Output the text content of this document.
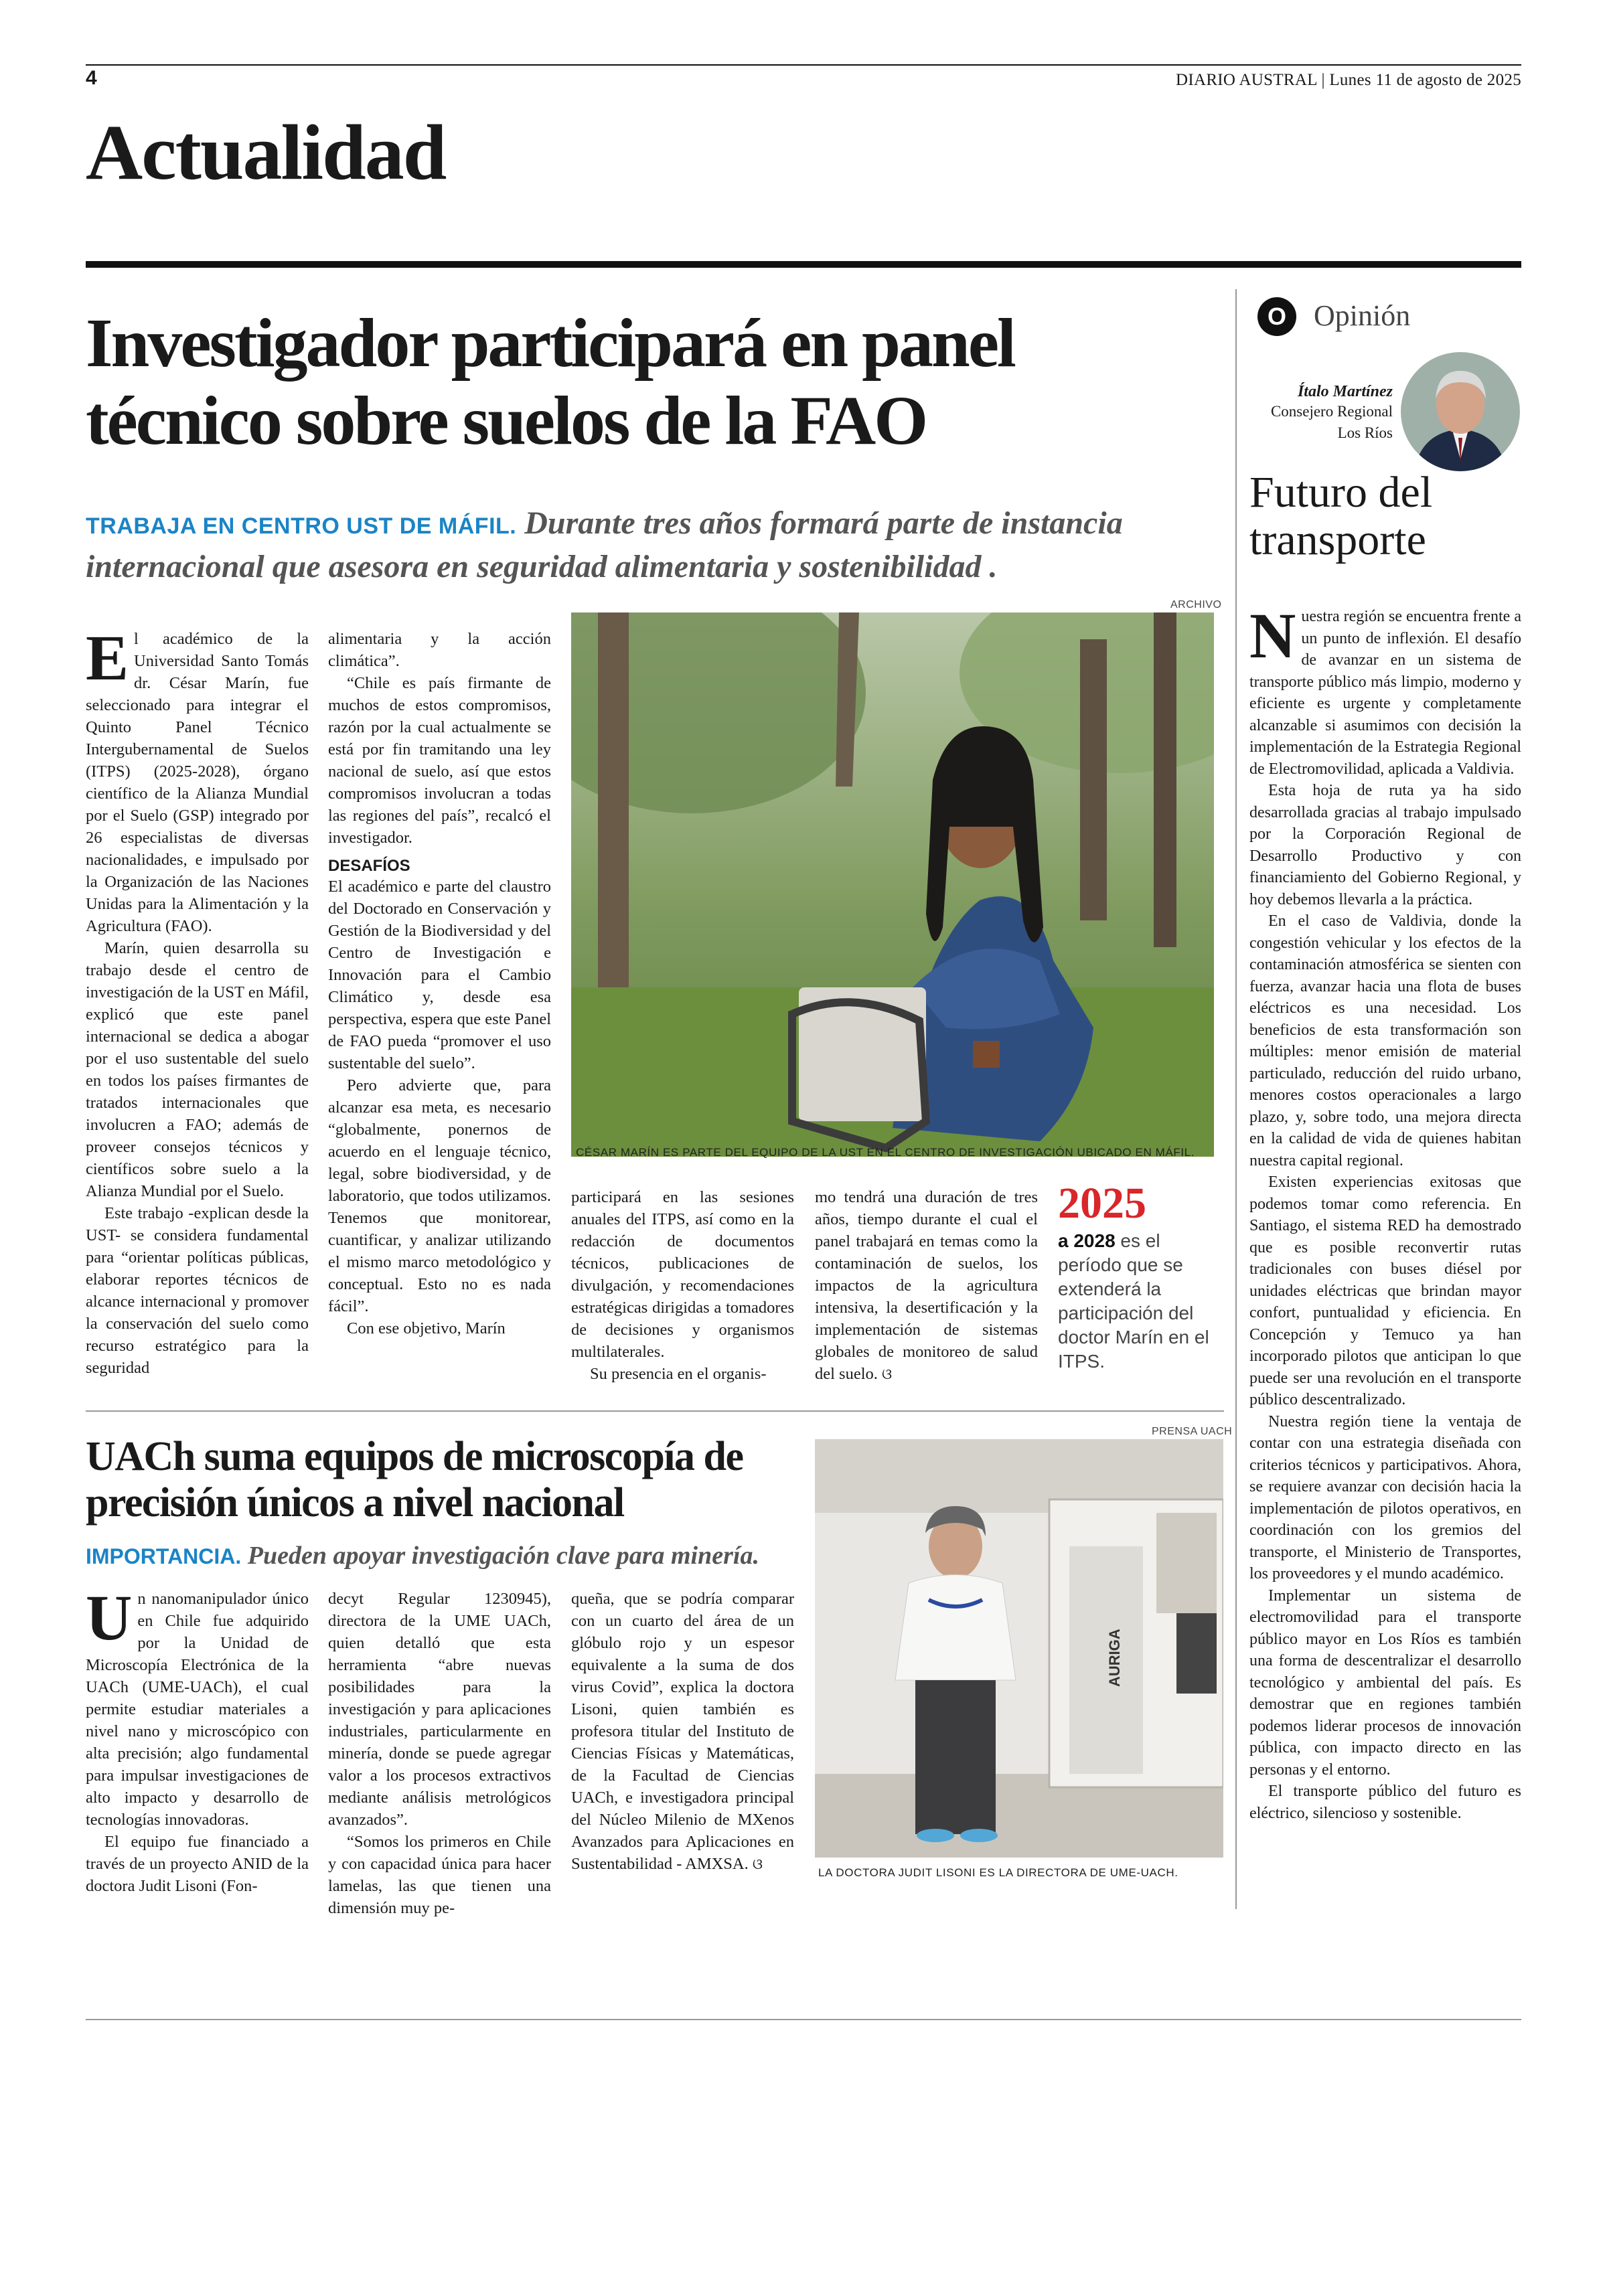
4	DIARIO AUSTRAL | Lunes 11 de agosto de 2025
Actualidad
Investigador participará en panel técnico sobre suelos de la FAO
TRABAJA EN CENTRO UST DE MÁFIL. Durante tres años formará parte de instancia internacional que asesora en seguridad alimentaria y sostenibilidad .

El académico de la Universidad Santo Tomás dr. César Marín, fue seleccionado para integrar el Quinto Panel Técnico Intergubernamental de Suelos (ITPS) (2025-2028), órgano científico de la Alianza Mundial por el Suelo (GSP) integrado por 26 especialistas de diversas nacionalidades, e impulsado por la Organización de las Naciones Unidas para la Alimentación y la Agricultura (FAO).

Marín, quien desarrolla su trabajo desde el centro de investigación de la UST en Máfil, explicó que este panel internacional se dedica a abogar por el uso sustentable del suelo en todos los países firmantes de tratados internacionales que involucren a FAO; además de proveer consejos técnicos y científicos sobre suelo a la Alianza Mundial por el Suelo.

Este trabajo -explican desde la UST- se considera fundamental para “orientar políticas públicas, elaborar reportes técnicos de alcance internacional y promover la conservación del suelo como recurso estratégico para la seguridad

alimentaria y la acción climática”.

“Chile es país firmante de muchos de estos compromisos, razón por la cual actualmente se está por fin tramitando una ley nacional de suelo, así que estos compromisos involucran a todas las regiones del país”, recalcó el investigador.

DESAFÍOS

El académico e parte del claustro del Doctorado en Conservación y Gestión de la Biodiversidad y del Centro de Investigación e Innovación para el Cambio Climático y, desde esa perspectiva, espera que este Panel de FAO pueda “promover el uso sustentable del suelo”.

Pero advierte que, para alcanzar esa meta, es necesario “globalmente, ponernos de acuerdo en el lenguaje técnico, legal, sobre biodiversidad, y de laboratorio, que todos utilizamos. Tenemos que monitorear, cuantificar, y analizar utilizando el mismo marco metodológico y conceptual. Esto no es nada fácil”.

Con ese objetivo, Marín

ARCHIVO
CÉSAR MARÍN ES PARTE DEL EQUIPO DE LA UST EN EL CENTRO DE INVESTIGACIÓN UBICADO EN MÁFIL.

participará en las sesiones anuales del ITPS, así como en la redacción de documentos técnicos, publicaciones de divulgación, y recomendaciones estratégicas dirigidas a tomadores de decisiones y organismos multilaterales.

Su presencia en el organis-

mo tendrá una duración de tres años, tiempo durante el cual el panel trabajará en temas como la contaminación de suelos, los impactos de la agricultura intensiva, la desertificación y la implementación de sistemas globales de monitoreo de salud del suelo. ଓ

2025
a 2028 es el período que se extenderá la participación del doctor Marín en el ITPS.
UACh suma equipos de microscopía de precisión únicos a nivel nacional
IMPORTANCIA. Pueden apoyar investigación clave para minería.

Un nanomanipulador único en Chile fue adquirido por la Unidad de Microscopía Electrónica de la UACh (UME-UACh), el cual permite estudiar materiales a nivel nano y microscópico con alta precisión; algo fundamental para impulsar investigaciones de alto impacto y desarrollo de tecnologías innovadoras.

El equipo fue financiado a través de un proyecto ANID de la doctora Judit Lisoni (Fon-

decyt Regular 1230945), directora de la UME UACh, quien detalló que esta herramienta “abre nuevas posibilidades para la investigación y para aplicaciones industriales, particularmente en minería, donde se puede agregar valor a los procesos extractivos mediante análisis metrológicos avanzados”.

“Somos los primeros en Chile y con capacidad única para hacer lamelas, las que tienen una dimensión muy pe-

queña, que se podría comparar con un cuarto del área de un glóbulo rojo y un espesor equivalente a la suma de dos virus Covid”, explica la doctora Lisoni, quien también es profesora titular del Instituto de Ciencias Físicas y Matemáticas, de la Facultad de Ciencias UACh, e investigadora principal del Núcleo Milenio de MXenos Avanzados para Aplicaciones en Sustentabilidad - AMXSA. ଓ

PRENSA UACH
AURIGA
LA DOCTORA JUDIT LISONI ES LA DIRECTORA DE UME-UACH.
O Opinión
Ítalo Martínez
Consejero Regional
Los Ríos
Futuro del transporte

Nuestra región se encuentra frente a un punto de inflexión. El desafío de avanzar en un sistema de transporte público más limpio, moderno y eficiente es urgente y completamente alcanzable si asumimos con decisión la implementación de la Estrategia Regional de Electromovilidad, aplicada a Valdivia.

Esta hoja de ruta ya ha sido desarrollada gracias al trabajo impulsado por la Corporación Regional de Desarrollo Productivo y con financiamiento del Gobierno Regional, y hoy debemos llevarla a la práctica.

En el caso de Valdivia, donde la congestión vehicular y los efectos de la contaminación atmosférica se sienten con fuerza, avanzar hacia una flota de buses eléctricos es una necesidad. Los beneficios de esta transformación son múltiples: menor emisión de material particulado, reducción del ruido urbano, menores costos operacionales a largo plazo, y, sobre todo, una mejora directa en la calidad de vida de quienes habitan nuestra capital regional.

Existen experiencias exitosas que podemos tomar como referencia. En Santiago, el sistema RED ha demostrado que es posible reconvertir rutas tradicionales con buses diésel por unidades eléctricas que brindan mayor confort, puntualidad y eficiencia. En Concepción y Temuco ya han incorporado pilotos que anticipan lo que puede ser una revolución en el transporte público descentralizado.

Nuestra región tiene la ventaja de contar con una estrategia diseñada con criterios técnicos y participativos. Ahora, se requiere avanzar con decisión hacia la implementación de pilotos operativos, en coordinación con los gremios del transporte, el Ministerio de Transportes, los proveedores y el mundo académico.

Implementar un sistema de electromovilidad para el transporte público mayor en Los Ríos es también una forma de descentralizar el desarrollo tecnológico y ambiental del país. Es demostrar que en regiones también podemos liderar procesos de innovación pública, con impacto directo en las personas y el entorno.

El transporte público del futuro es eléctrico, silencioso y sostenible.
